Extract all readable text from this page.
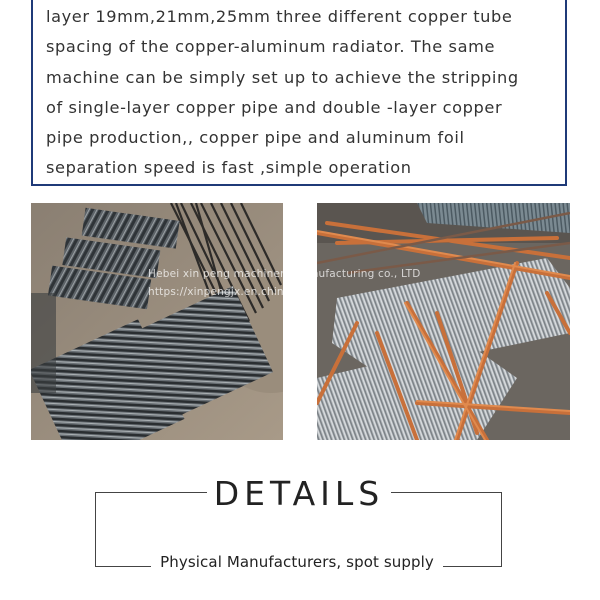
layer 19mm,21mm,25mm three different copper tube
spacing of the copper-aluminum radiator. The same
machine can be simply set up to achieve the stripping
of single-layer copper pipe and double -layer copper
pipe production,, copper pipe and aluminum foil
separation speed is fast ,simple operation
Hebei xin peng machinery manufacturing co., LTD
https://xinpengjx.en.china.cn
DETAILS
Physical Manufacturers, spot supply
